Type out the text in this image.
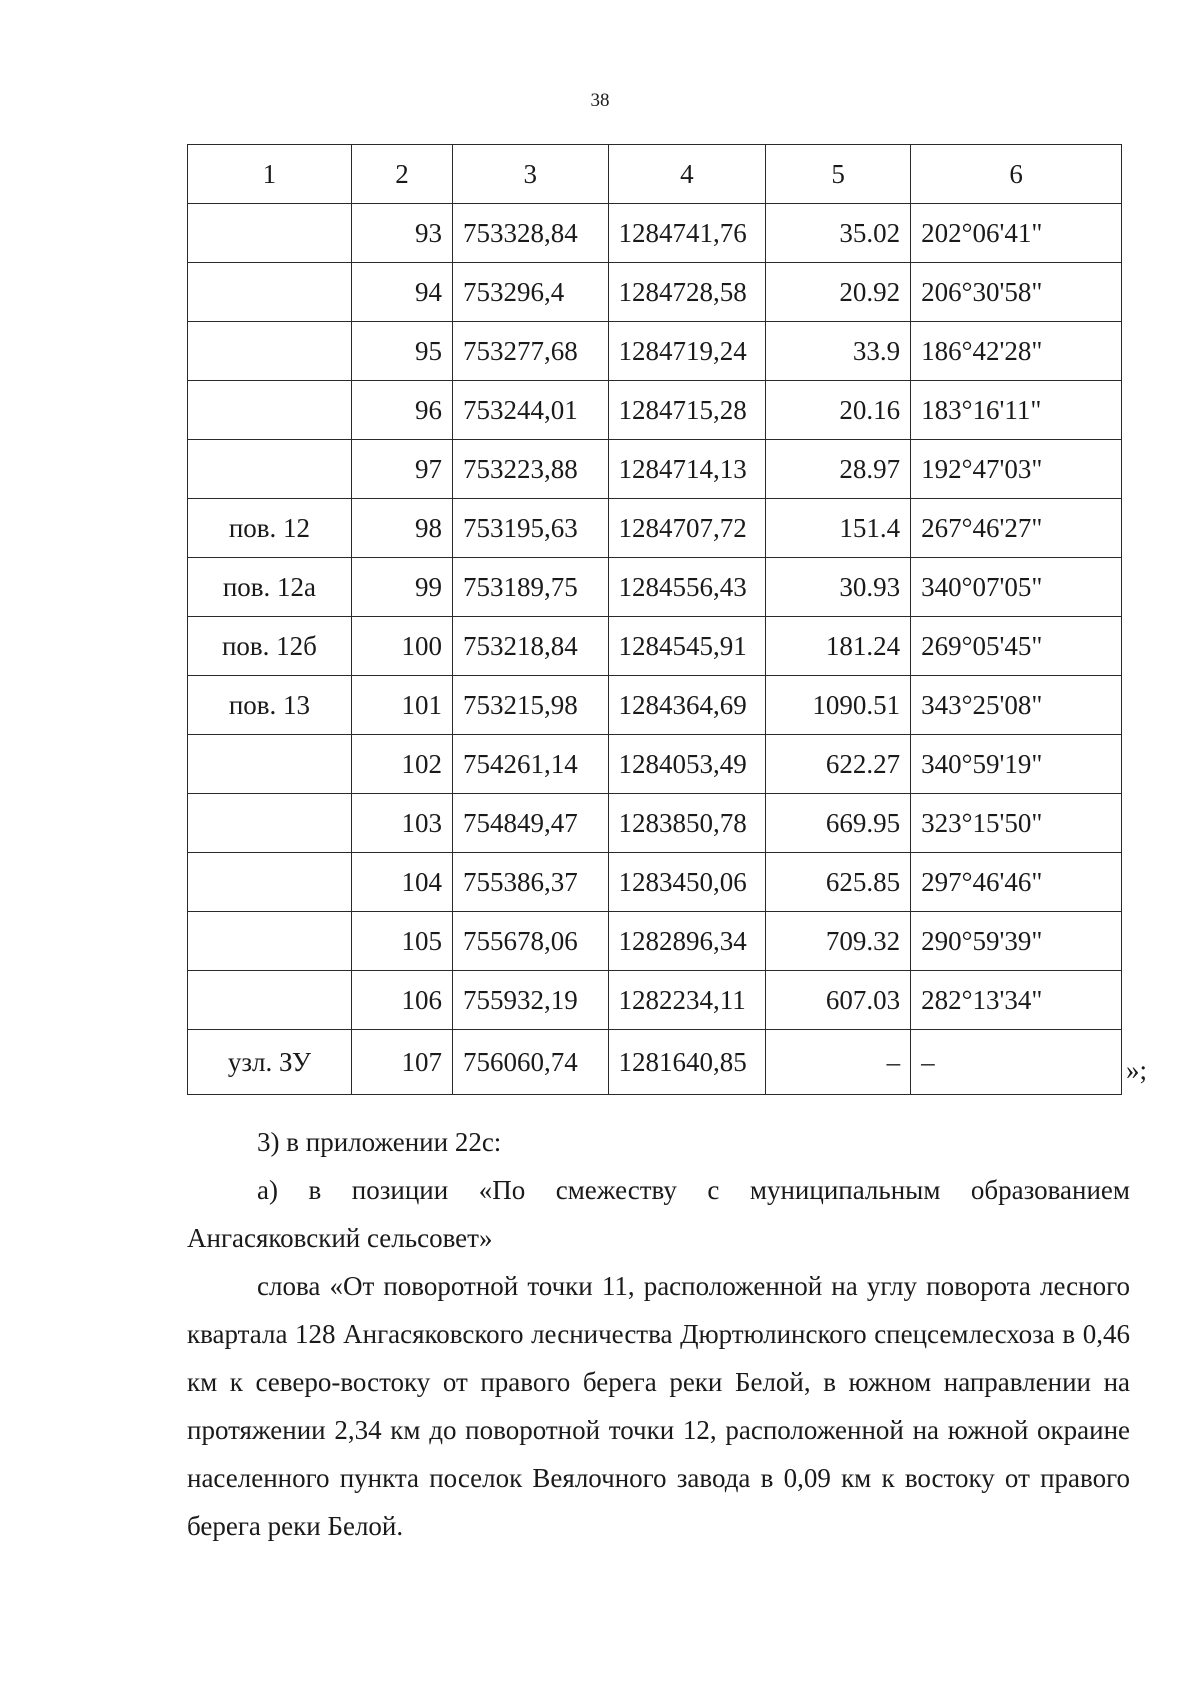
38
1	2	3	4	5	6
	93	753328,84	1284741,76	35.02	202°06'41"
	94	753296,4	1284728,58	20.92	206°30'58"
	95	753277,68	1284719,24	33.9	186°42'28"
	96	753244,01	1284715,28	20.16	183°16'11"
	97	753223,88	1284714,13	28.97	192°47'03"
пов. 12	98	753195,63	1284707,72	151.4	267°46'27"
пов. 12а	99	753189,75	1284556,43	30.93	340°07'05"
пов. 12б	100	753218,84	1284545,91	181.24	269°05'45"
пов. 13	101	753215,98	1284364,69	1090.51	343°25'08"
	102	754261,14	1284053,49	622.27	340°59'19"
	103	754849,47	1283850,78	669.95	323°15'50"
	104	755386,37	1283450,06	625.85	297°46'46"
	105	755678,06	1282896,34	709.32	290°59'39"
	106	755932,19	1282234,11	607.03	282°13'34"
узл. ЗУ	107	756060,74	1281640,85	–	–	»;
3) в приложении 22с:
а) в позиции «По смежеству с муниципальным образованием Ангасяковский сельсовет»
слова «От поворотной точки 11, расположенной на углу поворота лесного квартала 128 Ангасяковского лесничества Дюртюлинского спецсемлесхоза в 0,46 км к северо-востоку от правого берега реки Белой, в южном направлении на протяжении 2,34 км до поворотной точки 12, расположенной на южной окраине населенного пункта поселок Веялочного завода в 0,09 км к востоку от правого берега реки Белой.
